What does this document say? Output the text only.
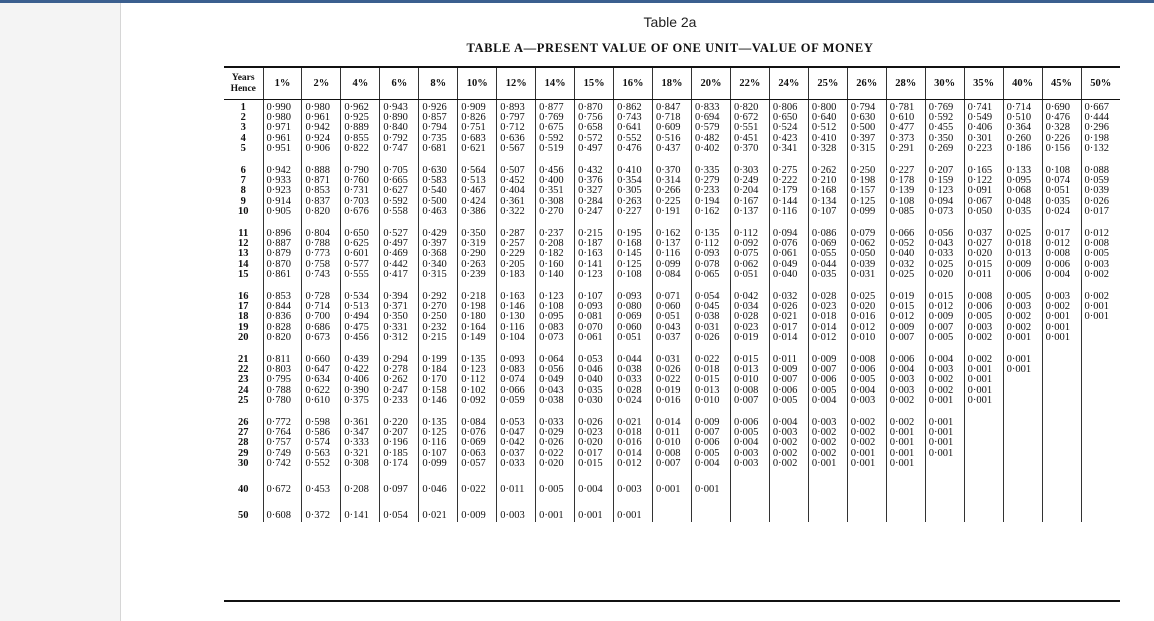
Table 2a
TABLE A—PRESENT VALUE OF ONE UNIT—VALUE OF MONEY
Years
Hence	1%	2%	4%	6%	8%	10%	12%	14%	15%	16%	18%	20%	22%	24%	25%	26%	28%	30%	35%	40%	45%	50%
1	0·990	0·980	0·962	0·943	0·926	0·909	0·893	0·877	0·870	0·862	0·847	0·833	0·820	0·806	0·800	0·794	0·781	0·769	0·741	0·714	0·690	0·667
2	0·980	0·961	0·925	0·890	0·857	0·826	0·797	0·769	0·756	0·743	0·718	0·694	0·672	0·650	0·640	0·630	0·610	0·592	0·549	0·510	0·476	0·444
3	0·971	0·942	0·889	0·840	0·794	0·751	0·712	0·675	0·658	0·641	0·609	0·579	0·551	0·524	0·512	0·500	0·477	0·455	0·406	0·364	0·328	0·296
4	0·961	0·924	0·855	0·792	0·735	0·683	0·636	0·592	0·572	0·552	0·516	0·482	0·451	0·423	0·410	0·397	0·373	0·350	0·301	0·260	0·226	0·198
5	0·951	0·906	0·822	0·747	0·681	0·621	0·567	0·519	0·497	0·476	0·437	0·402	0·370	0·341	0·328	0·315	0·291	0·269	0·223	0·186	0·156	0·132

6	0·942	0·888	0·790	0·705	0·630	0·564	0·507	0·456	0·432	0·410	0·370	0·335	0·303	0·275	0·262	0·250	0·227	0·207	0·165	0·133	0·108	0·088
7	0·933	0·871	0·760	0·665	0·583	0·513	0·452	0·400	0·376	0·354	0·314	0·279	0·249	0·222	0·210	0·198	0·178	0·159	0·122	0·095	0·074	0·059
8	0·923	0·853	0·731	0·627	0·540	0·467	0·404	0·351	0·327	0·305	0·266	0·233	0·204	0·179	0·168	0·157	0·139	0·123	0·091	0·068	0·051	0·039
9	0·914	0·837	0·703	0·592	0·500	0·424	0·361	0·308	0·284	0·263	0·225	0·194	0·167	0·144	0·134	0·125	0·108	0·094	0·067	0·048	0·035	0·026
10	0·905	0·820	0·676	0·558	0·463	0·386	0·322	0·270	0·247	0·227	0·191	0·162	0·137	0·116	0·107	0·099	0·085	0·073	0·050	0·035	0·024	0·017

11	0·896	0·804	0·650	0·527	0·429	0·350	0·287	0·237	0·215	0·195	0·162	0·135	0·112	0·094	0·086	0·079	0·066	0·056	0·037	0·025	0·017	0·012
12	0·887	0·788	0·625	0·497	0·397	0·319	0·257	0·208	0·187	0·168	0·137	0·112	0·092	0·076	0·069	0·062	0·052	0·043	0·027	0·018	0·012	0·008
13	0·879	0·773	0·601	0·469	0·368	0·290	0·229	0·182	0·163	0·145	0·116	0·093	0·075	0·061	0·055	0·050	0·040	0·033	0·020	0·013	0·008	0·005
14	0·870	0·758	0·577	0·442	0·340	0·263	0·205	0·160	0·141	0·125	0·099	0·078	0·062	0·049	0·044	0·039	0·032	0·025	0·015	0·009	0·006	0·003
15	0·861	0·743	0·555	0·417	0·315	0·239	0·183	0·140	0·123	0·108	0·084	0·065	0·051	0·040	0·035	0·031	0·025	0·020	0·011	0·006	0·004	0·002

16	0·853	0·728	0·534	0·394	0·292	0·218	0·163	0·123	0·107	0·093	0·071	0·054	0·042	0·032	0·028	0·025	0·019	0·015	0·008	0·005	0·003	0·002
17	0·844	0·714	0·513	0·371	0·270	0·198	0·146	0·108	0·093	0·080	0·060	0·045	0·034	0·026	0·023	0·020	0·015	0·012	0·006	0·003	0·002	0·001
18	0·836	0·700	0·494	0·350	0·250	0·180	0·130	0·095	0·081	0·069	0·051	0·038	0·028	0·021	0·018	0·016	0·012	0·009	0·005	0·002	0·001	0·001
19	0·828	0·686	0·475	0·331	0·232	0·164	0·116	0·083	0·070	0·060	0·043	0·031	0·023	0·017	0·014	0·012	0·009	0·007	0·003	0·002	0·001	
20	0·820	0·673	0·456	0·312	0·215	0·149	0·104	0·073	0·061	0·051	0·037	0·026	0·019	0·014	0·012	0·010	0·007	0·005	0·002	0·001	0·001	

21	0·811	0·660	0·439	0·294	0·199	0·135	0·093	0·064	0·053	0·044	0·031	0·022	0·015	0·011	0·009	0·008	0·006	0·004	0·002	0·001		
22	0·803	0·647	0·422	0·278	0·184	0·123	0·083	0·056	0·046	0·038	0·026	0·018	0·013	0·009	0·007	0·006	0·004	0·003	0·001	0·001		
23	0·795	0·634	0·406	0·262	0·170	0·112	0·074	0·049	0·040	0·033	0·022	0·015	0·010	0·007	0·006	0·005	0·003	0·002	0·001			
24	0·788	0·622	0·390	0·247	0·158	0·102	0·066	0·043	0·035	0·028	0·019	0·013	0·008	0·006	0·005	0·004	0·003	0·002	0·001			
25	0·780	0·610	0·375	0·233	0·146	0·092	0·059	0·038	0·030	0·024	0·016	0·010	0·007	0·005	0·004	0·003	0·002	0·001	0·001			

26	0·772	0·598	0·361	0·220	0·135	0·084	0·053	0·033	0·026	0·021	0·014	0·009	0·006	0·004	0·003	0·002	0·002	0·001				
27	0·764	0·586	0·347	0·207	0·125	0·076	0·047	0·029	0·023	0·018	0·011	0·007	0·005	0·003	0·002	0·002	0·001	0·001				
28	0·757	0·574	0·333	0·196	0·116	0·069	0·042	0·026	0·020	0·016	0·010	0·006	0·004	0·002	0·002	0·002	0·001	0·001				
29	0·749	0·563	0·321	0·185	0·107	0·063	0·037	0·022	0·017	0·014	0·008	0·005	0·003	0·002	0·002	0·001	0·001	0·001				
30	0·742	0·552	0·308	0·174	0·099	0·057	0·033	0·020	0·015	0·012	0·007	0·004	0·003	0·002	0·001	0·001	0·001					

40	0·672	0·453	0·208	0·097	0·046	0·022	0·011	0·005	0·004	0·003	0·001	0·001										

50	0·608	0·372	0·141	0·054	0·021	0·009	0·003	0·001	0·001	0·001												
